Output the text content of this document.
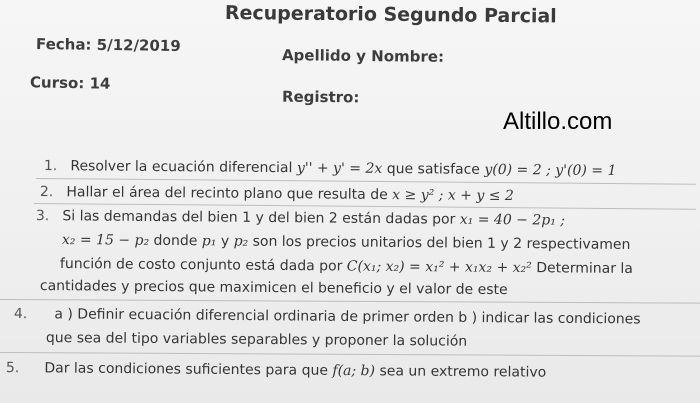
Recuperatorio Segundo Parcial
Fecha: 5/12/2019
Curso: 14
Apellido y Nombre:
Registro:
Altillo.com
1. Resolver la ecuación diferencial y'' + y' = 2x que satisface y(0) = 2 ; y'(0) = 1
2. Hallar el área del recinto plano que resulta de x ≥ y² ; x + y ≤ 2
3. Si las demandas del bien 1 y del bien 2 están dadas por x₁ = 40 − 2p₁ ;
x₂ = 15 − p₂ donde p₁ y p₂ son los precios unitarios del bien 1 y 2 respectivamen
función de costo conjunto está dada por C(x₁; x₂) = x₁² + x₁x₂ + x₂² Determinar la
cantidades y precios que maximicen el beneficio y el valor de este
4. a ) Definir ecuación diferencial ordinaria de primer orden b ) indicar las condiciones
que sea del tipo variables separables y proponer la solución
5. Dar las condiciones suficientes para que f(a; b) sea un extremo relativo
